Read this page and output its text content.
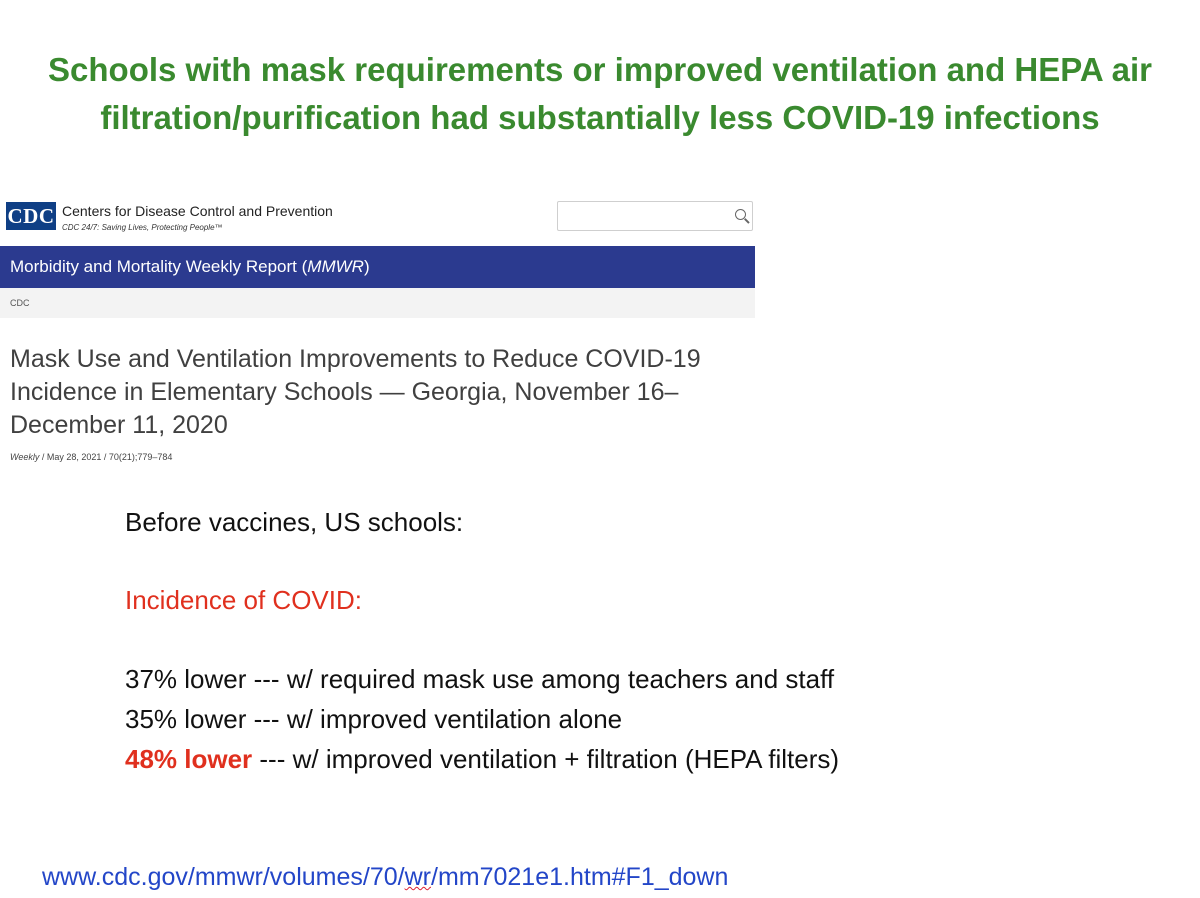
Schools with mask requirements or improved ventilation and HEPA air
filtration/purification had substantially less COVID-19 infections
CDC Centers for Disease Control and Prevention
CDC 24/7: Saving Lives, Protecting People™
Morbidity and Mortality Weekly Report (MMWR)
CDC
Mask Use and Ventilation Improvements to Reduce COVID-19 Incidence in Elementary Schools — Georgia, November 16–December 11, 2020
Weekly / May 28, 2021 / 70(21);779–784
Before vaccines, US schools:
Incidence of COVID:
37% lower --- w/ required mask use among teachers and staff
35% lower --- w/ improved ventilation alone
48% lower --- w/ improved ventilation + filtration (HEPA filters)
www.cdc.gov/mmwr/volumes/70/wr/mm7021e1.htm#F1_down
